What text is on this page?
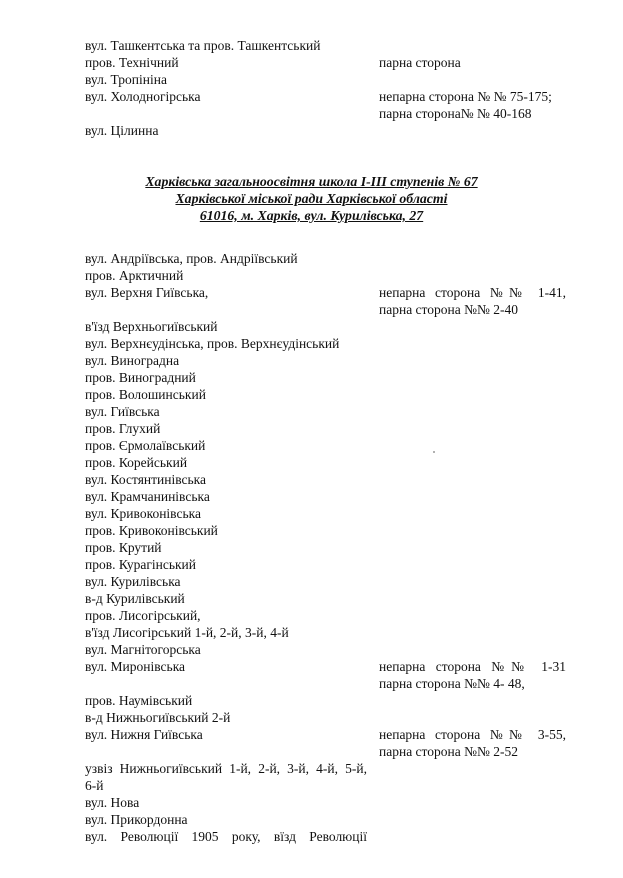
вул. Ташкентська та пров. Ташкентський
пров. Технічний	парна сторона
вул. Тропініна
вул. Холодногірська	непарна сторона № № 75-175;
парна сторона№ № 40-168
вул. Цілинна
Харківська загальноосвітня школа І-ІІІ ступенів № 67
Харківської міської ради Харківської області
61016, м. Харків, вул. Курилівська, 27
вул. Андріївська, пров. Андріївський
пров. Арктичний
вул. Верхня Гиївська,	непарна сторона №№ 1-41,
парна сторона №№ 2-40
в'їзд Верхньогиївський
вул. Верхнєудінська, пров. Верхнєудінський
вул. Виноградна
пров. Виноградний
пров. Волошинський
вул. Гиївська
пров. Глухий
пров. Єрмолаївський
пров. Корейський
вул. Костянтинівська
вул. Крамчанинівська
вул. Кривоконівська
пров. Кривоконівський
пров. Крутий
пров. Курагінський
вул. Курилівська
в-д Курилівський
пров. Лисогірський,
в'їзд Лисогірський 1-й, 2-й, 3-й, 4-й
вул. Магнітогорська
вул. Миронівська	непарна сторона №№ 1-31
парна сторона №№ 4- 48,
пров. Наумівський
в-д Нижньогиївський 2-й
вул. Нижня Гиївська	непарна сторона №№ 3-55,
парна сторона №№ 2-52
узвіз Нижньогиївський 1-й, 2-й, 3-й, 4-й, 5-й,
6-й
вул. Нова
вул. Прикордонна
вул. Революції 1905 року, вїзд Революції
